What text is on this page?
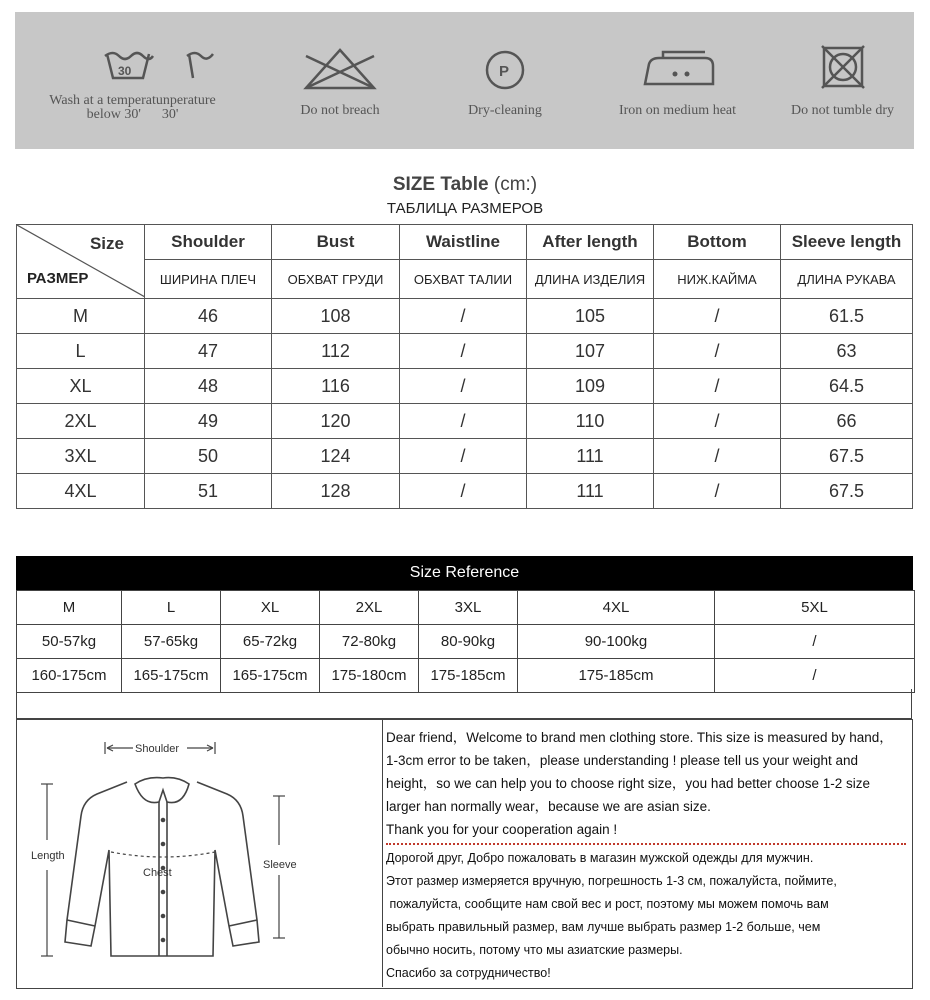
30
Wash at a temperatunperature
below 30'      30'	Do not breach
P
Dry-cleaning	Iron on medium heat	Do not tumble dry
SIZE Table (cm:)
ТАБЛИЦА РАЗМЕРОВ
Size
РАЗМЕР	Shoulder	Bust	Waistline	After length	Bottom	Sleeve length
	ШИРИНА ПЛЕЧ	ОБХВАТ ГРУДИ	ОБХВАТ ТАЛИИ	ДЛИНА ИЗДЕЛИЯ	НИЖ.КАЙМА	ДЛИНА РУКАВА
M	46	108	/	105	/	61.5
L	47	112	/	107	/	63
XL	48	116	/	109	/	64.5
2XL	49	120	/	110	/	66
3XL	50	124	/	111	/	67.5
4XL	51	128	/	111	/	67.5
Size Reference
M	L	XL	2XL	3XL	4XL	5XL
50-57kg	57-65kg	65-72kg	72-80kg	80-90kg	90-100kg	/
160-175cm	165-175cm	165-175cm	175-180cm	175-185cm	175-185cm	/
Shoulder
Length
Chest
Sleeve

Dear friend，Welcome to brand men clothing store. This size is measured by hand，

1-3cm error to be taken，please understanding ! please tell us your weight and

height，so we can help you to choose right size，you had better choose 1-2 size

larger han normally wear，because we are asian size.

Thank you for your cooperation again !

Дорогой друг, Добро пожаловать в магазин мужской одежды для мужчин.

Этот размер измеряется вручную, погрешность 1-3 см, пожалуйста, поймите,

пожалуйста, сообщите нам свой вес и рост, поэтому мы можем помочь вам

выбрать правильный размер, вам лучше выбрать размер 1-2 больше, чем

обычно носить, потому что мы азиатские размеры.

Спасибо за сотрудничество!
